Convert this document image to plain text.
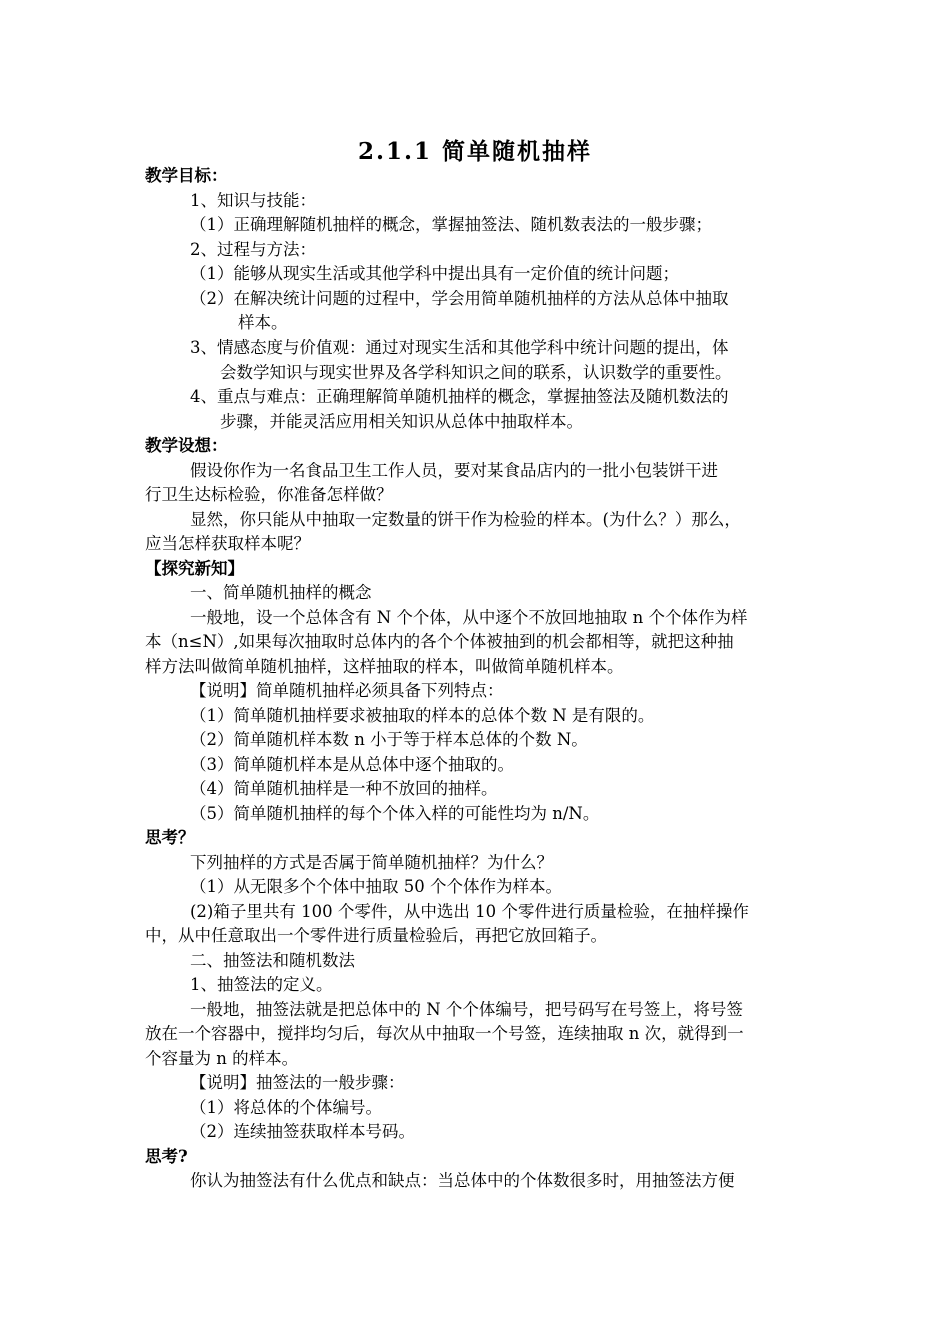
2.1.1 简单随机抽样
教学目标：
1、知识与技能：
（1）正确理解随机抽样的概念，掌握抽签法、随机数表法的一般步骤；
2、过程与方法：
（1）能够从现实生活或其他学科中提出具有一定价值的统计问题；
（2）在解决统计问题的过程中，学会用简单随机抽样的方法从总体中抽取
样本。
3、情感态度与价值观：通过对现实生活和其他学科中统计问题的提出，体
会数学知识与现实世界及各学科知识之间的联系，认识数学的重要性。
4、重点与难点：正确理解简单随机抽样的概念，掌握抽签法及随机数法的
步骤，并能灵活应用相关知识从总体中抽取样本。
教学设想：
假设你作为一名食品卫生工作人员，要对某食品店内的一批小包装饼干进
行卫生达标检验，你准备怎样做？
显然，你只能从中抽取一定数量的饼干作为检验的样本。(为什么？）那么，
应当怎样获取样本呢？
【探究新知】
一、简单随机抽样的概念
一般地，设一个总体含有 N 个个体，从中逐个不放回地抽取 n 个个体作为样
本（n≤N）,如果每次抽取时总体内的各个个体被抽到的机会都相等，就把这种抽
样方法叫做简单随机抽样，这样抽取的样本，叫做简单随机样本。
【说明】简单随机抽样必须具备下列特点：
（1）简单随机抽样要求被抽取的样本的总体个数 N 是有限的。
（2）简单随机样本数 n 小于等于样本总体的个数 N。
（3）简单随机样本是从总体中逐个抽取的。
（4）简单随机抽样是一种不放回的抽样。
（5）简单随机抽样的每个个体入样的可能性均为 n/N。
思考？
下列抽样的方式是否属于简单随机抽样？为什么？
（1）从无限多个个体中抽取 50 个个体作为样本。
(2)箱子里共有 100 个零件，从中选出 10 个零件进行质量检验，在抽样操作
中，从中任意取出一个零件进行质量检验后，再把它放回箱子。
二、抽签法和随机数法
1、抽签法的定义。
一般地，抽签法就是把总体中的 N 个个体编号，把号码写在号签上，将号签
放在一个容器中，搅拌均匀后，每次从中抽取一个号签，连续抽取 n 次，就得到一
个容量为 n 的样本。
【说明】抽签法的一般步骤：
（1）将总体的个体编号。
（2）连续抽签获取样本号码。
思考?
你认为抽签法有什么优点和缺点：当总体中的个体数很多时，用抽签法方便
